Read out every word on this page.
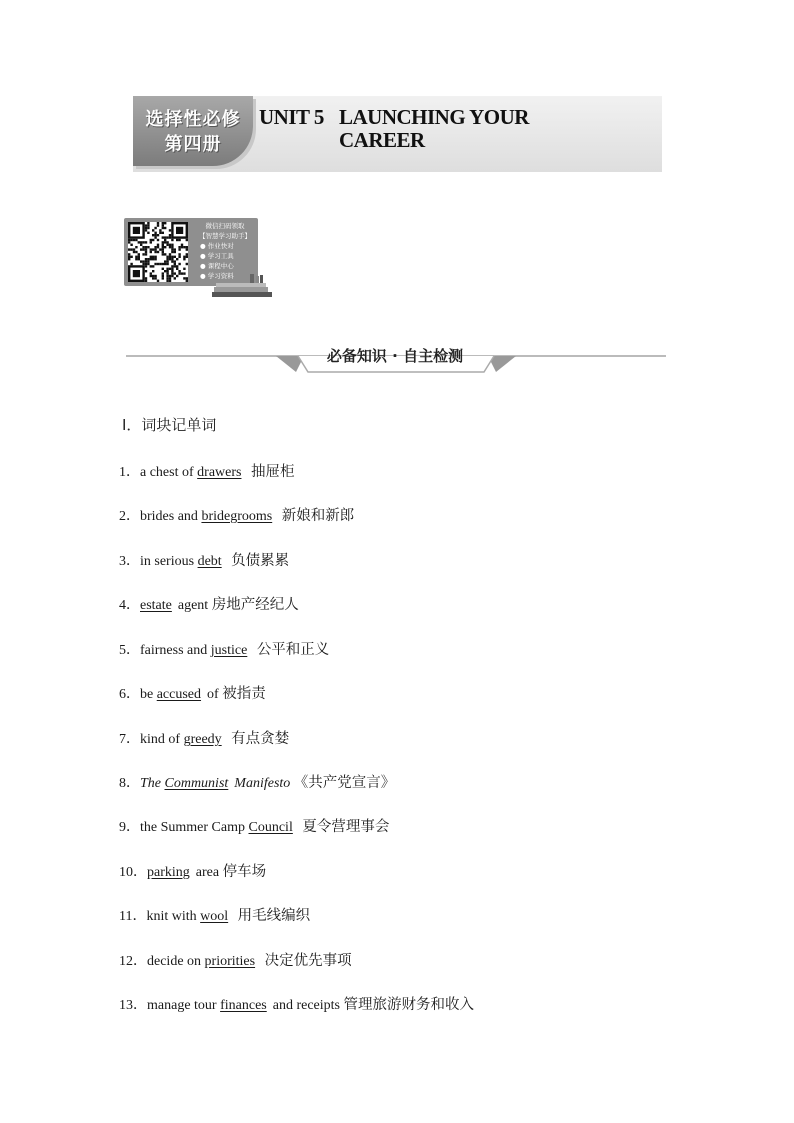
选择性必修
第四册
UNIT 5 LAUNCHING YOUR
CAREER
微信扫码领取
【智慧学习助手】
● 作业快对
● 学习工具
● 课程中心
● 学习资料
必备知识 · 自主检测
Ⅰ．词块记单词
1．a chest of drawers 抽屉柜
2．brides and bridegrooms 新娘和新郎
3．in serious debt 负债累累
4．estate agent 房地产经纪人
5．fairness and justice 公平和正义
6．be accused of 被指责
7．kind of greedy 有点贪婪
8．The Communist Manifesto 《共产党宣言》
9．the Summer Camp Council 夏令营理事会
10．parking area 停车场
11．knit with wool 用毛线编织
12．decide on priorities 决定优先事项
13．manage tour finances and receipts 管理旅游财务和收入
